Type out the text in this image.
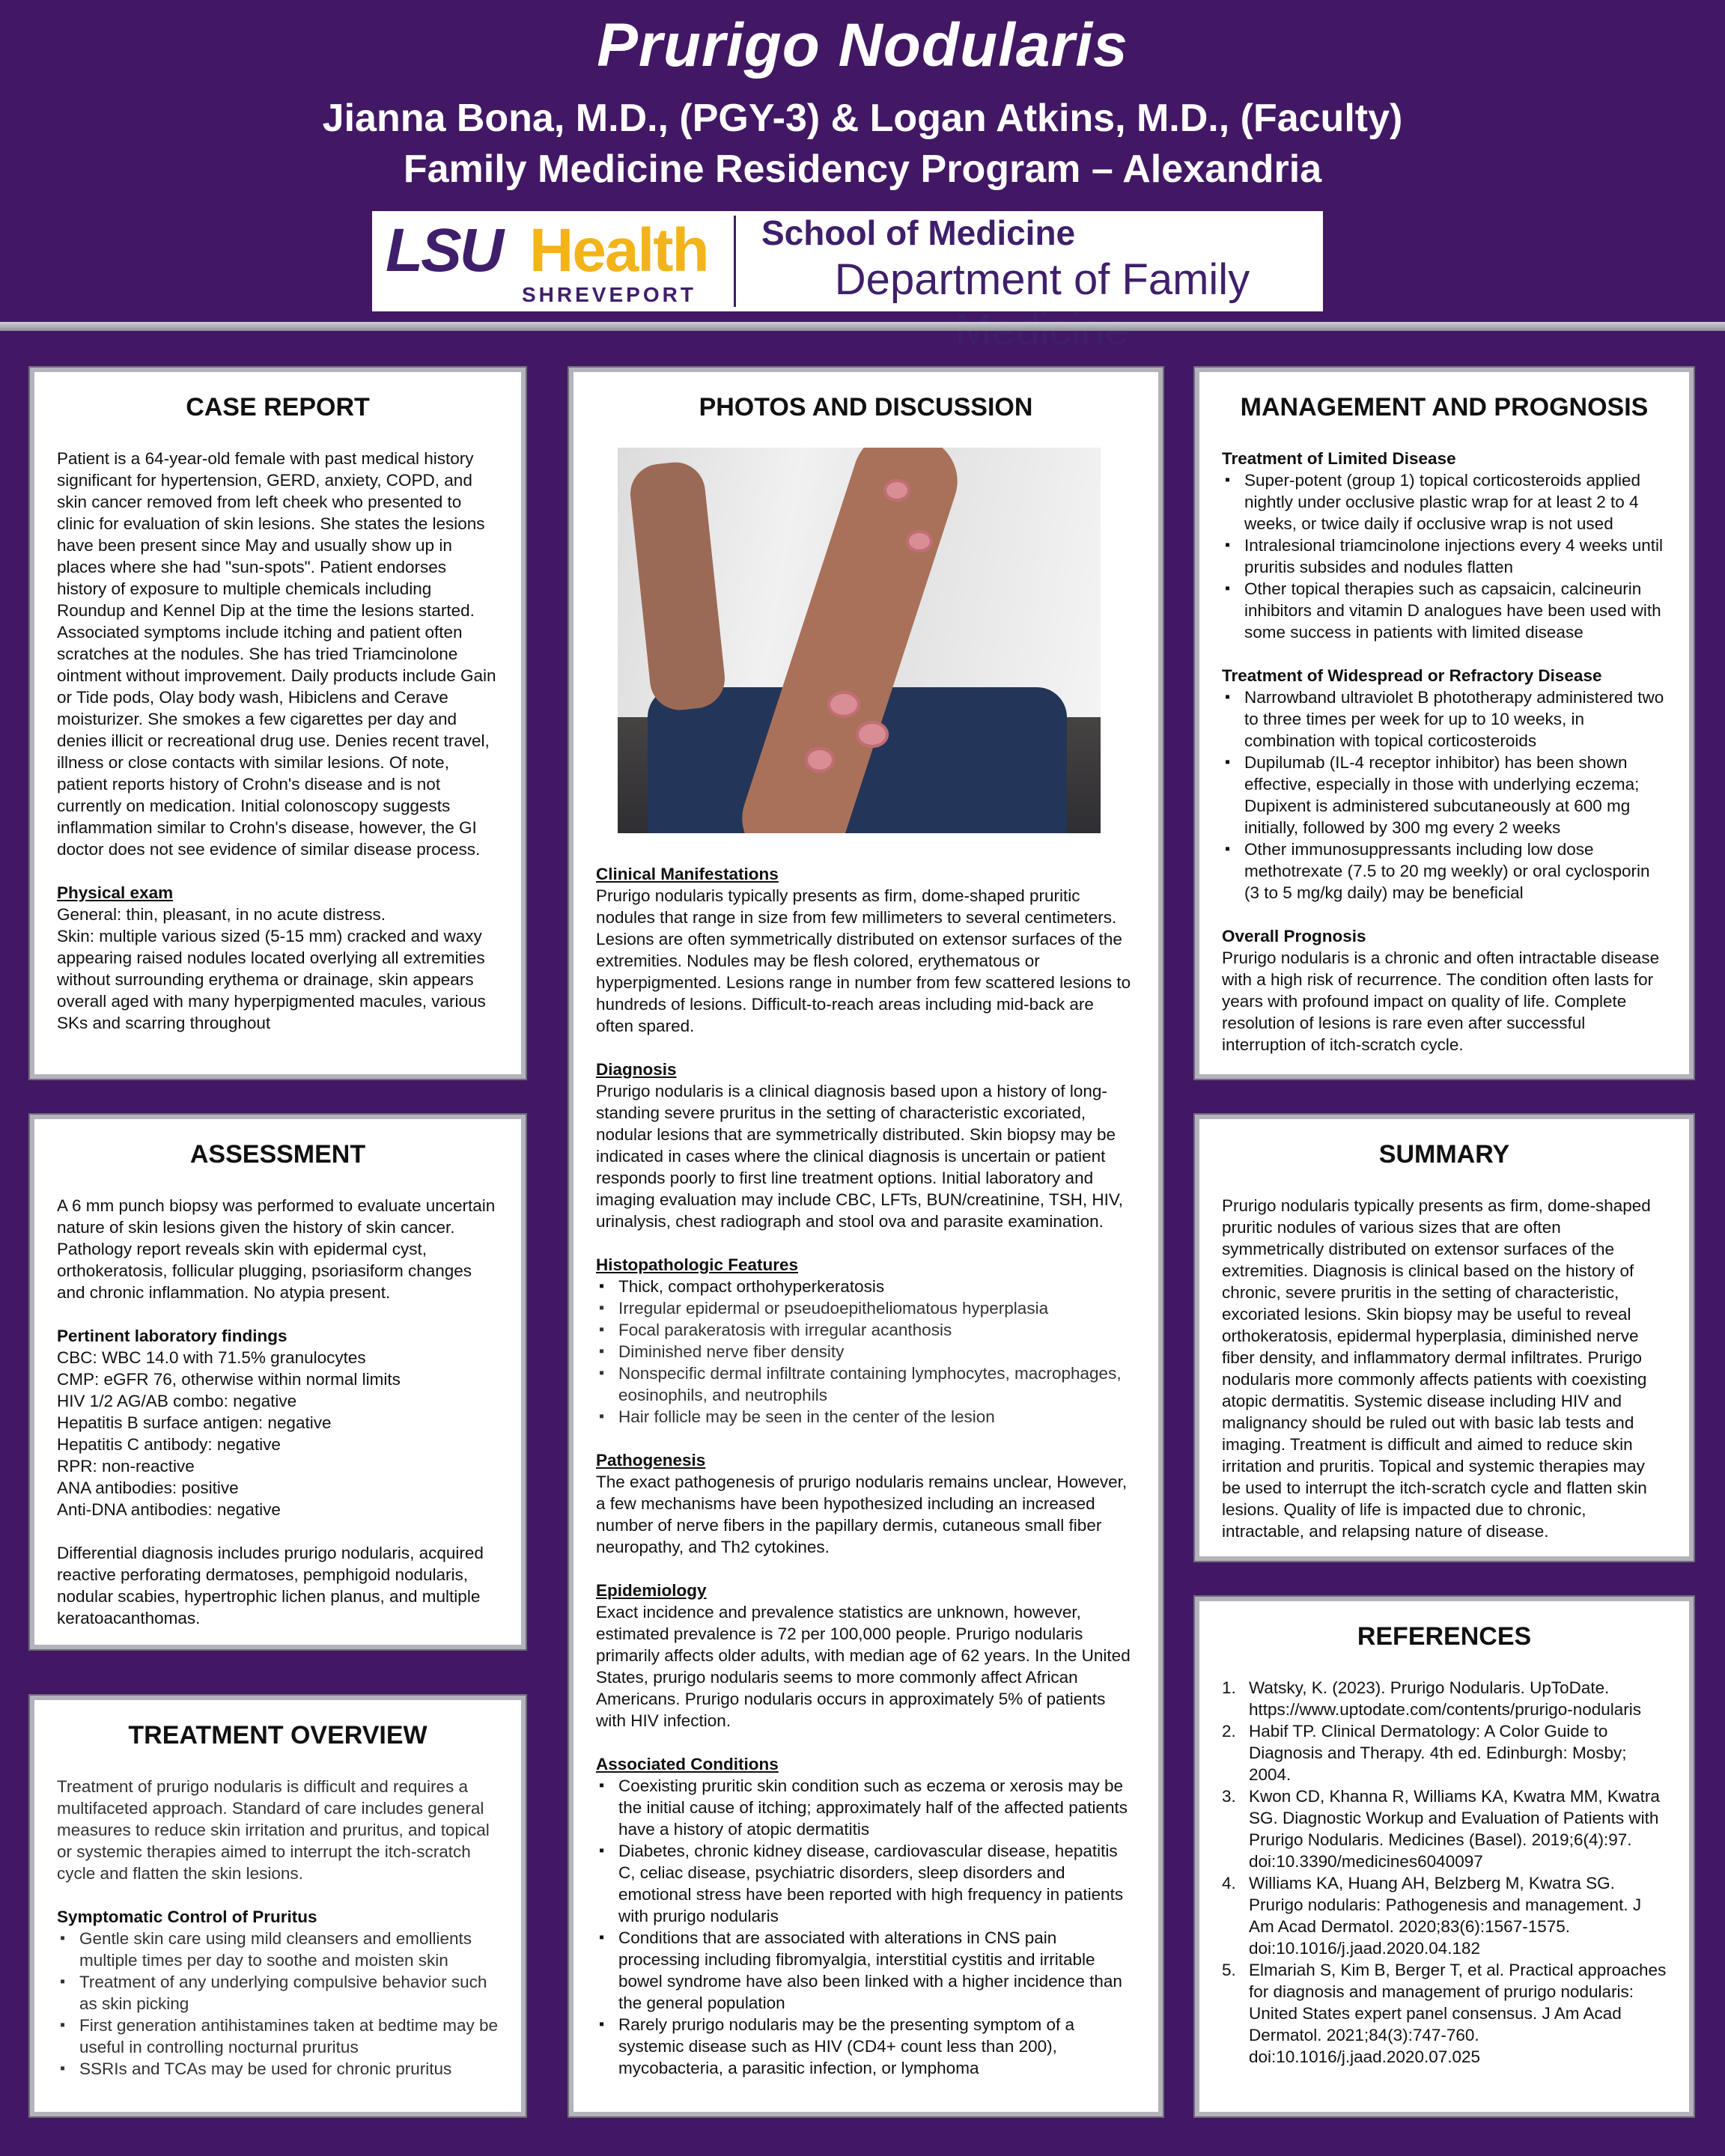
Prurigo Nodularis
Jianna Bona, M.D., (PGY-3) & Logan Atkins, M.D., (Faculty)
Family Medicine Residency Program – Alexandria
LSU Health
SHREVEPORT
School of Medicine
Department of Family
CASE REPORT

Patient is a 64-year-old female with past medical history significant for hypertension, GERD, anxiety, COPD, and skin cancer removed from left cheek who presented to clinic for evaluation of skin lesions. She states the lesions have been present since May and usually show up in places where she had "sun-spots". Patient endorses history of exposure to multiple chemicals including Roundup and Kennel Dip at the time the lesions started. Associated symptoms include itching and patient often scratches at the nodules. She has tried Triamcinolone ointment without improvement. Daily products include Gain or Tide pods, Olay body wash, Hibiclens and Cerave moisturizer. She smokes a few cigarettes per day and denies illicit or recreational drug use. Denies recent travel, illness or close contacts with similar lesions. Of note, patient reports history of Crohn's disease and is not currently on medication. Initial colonoscopy suggests inflammation similar to Crohn's disease, however, the GI doctor does not see evidence of similar disease process.

Physical exam

General: thin, pleasant, in no acute distress.

Skin: multiple various sized (5-15 mm) cracked and waxy appearing raised nodules located overlying all extremities without surrounding erythema or drainage, skin appears overall aged with many hyperpigmented macules, various SKs and scarring throughout

ASSESSMENT

A 6 mm punch biopsy was performed to evaluate uncertain nature of skin lesions given the history of skin cancer. Pathology report reveals skin with epidermal cyst, orthokeratosis, follicular plugging, psoriasiform changes and chronic inflammation. No atypia present.

Pertinent laboratory findings

CBC: WBC 14.0 with 71.5% granulocytes

CMP: eGFR 76, otherwise within normal limits

HIV 1/2 AG/AB combo: negative

Hepatitis B surface antigen: negative

Hepatitis C antibody: negative

RPR: non-reactive

ANA antibodies: positive

Anti-DNA antibodies: negative

Differential diagnosis includes prurigo nodularis, acquired reactive perforating dermatoses, pemphigoid nodularis, nodular scabies, hypertrophic lichen planus, and multiple keratoacanthomas.

TREATMENT OVERVIEW

Treatment of prurigo nodularis is difficult and requires a multifaceted approach. Standard of care includes general measures to reduce skin irritation and pruritus, and topical or systemic therapies aimed to interrupt the itch-scratch cycle and flatten the skin lesions.

Symptomatic Control of Pruritus
▪ Gentle skin care using mild cleansers and emollients multiple times per day to soothe and moisten skin
▪ Treatment of any underlying compulsive behavior such as skin picking
▪ First generation antihistamines taken at bedtime may be useful in controlling nocturnal pruritus
▪ SSRIs and TCAs may be used for chronic pruritus
PHOTOS AND DISCUSSION
Clinical Manifestations

Prurigo nodularis typically presents as firm, dome-shaped pruritic nodules that range in size from few millimeters to several centimeters. Lesions are often symmetrically distributed on extensor surfaces of the extremities. Nodules may be flesh colored, erythematous or hyperpigmented. Lesions range in number from few scattered lesions to hundreds of lesions. Difficult-to-reach areas including mid-back are often spared.

Diagnosis

Prurigo nodularis is a clinical diagnosis based upon a history of long-standing severe pruritus in the setting of characteristic excoriated, nodular lesions that are symmetrically distributed. Skin biopsy may be indicated in cases where the clinical diagnosis is uncertain or patient responds poorly to first line treatment options. Initial laboratory and imaging evaluation may include CBC, LFTs, BUN/creatinine, TSH, HIV, urinalysis, chest radiograph and stool ova and parasite examination.

Histopathologic Features
▪ Thick, compact orthohyperkeratosis
▪ Irregular epidermal or pseudoepitheliomatous hyperplasia
▪ Focal parakeratosis with irregular acanthosis
▪ Diminished nerve fiber density
▪ Nonspecific dermal infiltrate containing lymphocytes, macrophages, eosinophils, and neutrophils
▪ Hair follicle may be seen in the center of the lesion
Pathogenesis

The exact pathogenesis of prurigo nodularis remains unclear, However, a few mechanisms have been hypothesized including an increased number of nerve fibers in the papillary dermis, cutaneous small fiber neuropathy, and Th2 cytokines.

Epidemiology

Exact incidence and prevalence statistics are unknown, however, estimated prevalence is 72 per 100,000 people. Prurigo nodularis primarily affects older adults, with median age of 62 years. In the United States, prurigo nodularis seems to more commonly affect African Americans. Prurigo nodularis occurs in approximately 5% of patients with HIV infection.

Associated Conditions
▪ Coexisting pruritic skin condition such as eczema or xerosis may be the initial cause of itching; approximately half of the affected patients have a history of atopic dermatitis
▪ Diabetes, chronic kidney disease, cardiovascular disease, hepatitis C, celiac disease, psychiatric disorders, sleep disorders and emotional stress have been reported with high frequency in patients with prurigo nodularis
▪ Conditions that are associated with alterations in CNS pain processing including fibromyalgia, interstitial cystitis and irritable bowel syndrome have also been linked with a higher incidence than the general population
▪ Rarely prurigo nodularis may be the presenting symptom of a systemic disease such as HIV (CD4+ count less than 200), mycobacteria, a parasitic infection, or lymphoma
MANAGEMENT AND PROGNOSIS
Treatment of Limited Disease
▪ Super-potent (group 1) topical corticosteroids applied nightly under occlusive plastic wrap for at least 2 to 4 weeks, or twice daily if occlusive wrap is not used
▪ Intralesional triamcinolone injections every 4 weeks until pruritis subsides and nodules flatten
▪ Other topical therapies such as capsaicin, calcineurin inhibitors and vitamin D analogues have been used with some success in patients with limited disease
Treatment of Widespread or Refractory Disease
▪ Narrowband ultraviolet B phototherapy administered two to three times per week for up to 10 weeks, in combination with topical corticosteroids
▪ Dupilumab (IL-4 receptor inhibitor) has been shown effective, especially in those with underlying eczema; Dupixent is administered subcutaneously at 600 mg initially, followed by 300 mg every 2 weeks
▪ Other immunosuppressants including low dose methotrexate (7.5 to 20 mg weekly) or oral cyclosporin (3 to 5 mg/kg daily) may be beneficial
Overall Prognosis

Prurigo nodularis is a chronic and often intractable disease with a high risk of recurrence. The condition often lasts for years with profound impact on quality of life. Complete resolution of lesions is rare even after successful interruption of itch-scratch cycle.

SUMMARY

Prurigo nodularis typically presents as firm, dome-shaped pruritic nodules of various sizes that are often symmetrically distributed on extensor surfaces of the extremities. Diagnosis is clinical based on the history of chronic, severe pruritis in the setting of characteristic, excoriated lesions. Skin biopsy may be useful to reveal orthokeratosis, epidermal hyperplasia, diminished nerve fiber density, and inflammatory dermal infiltrates. Prurigo nodularis more commonly affects patients with coexisting atopic dermatitis. Systemic disease including HIV and malignancy should be ruled out with basic lab tests and imaging. Treatment is difficult and aimed to reduce skin irritation and pruritis. Topical and systemic therapies may be used to interrupt the itch-scratch cycle and flatten skin lesions. Quality of life is impacted due to chronic, intractable, and relapsing nature of disease.

REFERENCES
1. Watsky, K. (2023). Prurigo Nodularis. UpToDate. https://www.uptodate.com/contents/prurigo-nodularis
2. Habif TP. Clinical Dermatology: A Color Guide to Diagnosis and Therapy. 4th ed. Edinburgh: Mosby; 2004.
3. Kwon CD, Khanna R, Williams KA, Kwatra MM, Kwatra SG. Diagnostic Workup and Evaluation of Patients with Prurigo Nodularis. Medicines (Basel). 2019;6(4):97. doi:10.3390/medicines6040097
4. Williams KA, Huang AH, Belzberg M, Kwatra SG. Prurigo nodularis: Pathogenesis and management. J Am Acad Dermatol. 2020;83(6):1567-1575. doi:10.1016/j.jaad.2020.04.182
5. Elmariah S, Kim B, Berger T, et al. Practical approaches for diagnosis and management of prurigo nodularis: United States expert panel consensus. J Am Acad Dermatol. 2021;84(3):747-760. doi:10.1016/j.jaad.2020.07.025
